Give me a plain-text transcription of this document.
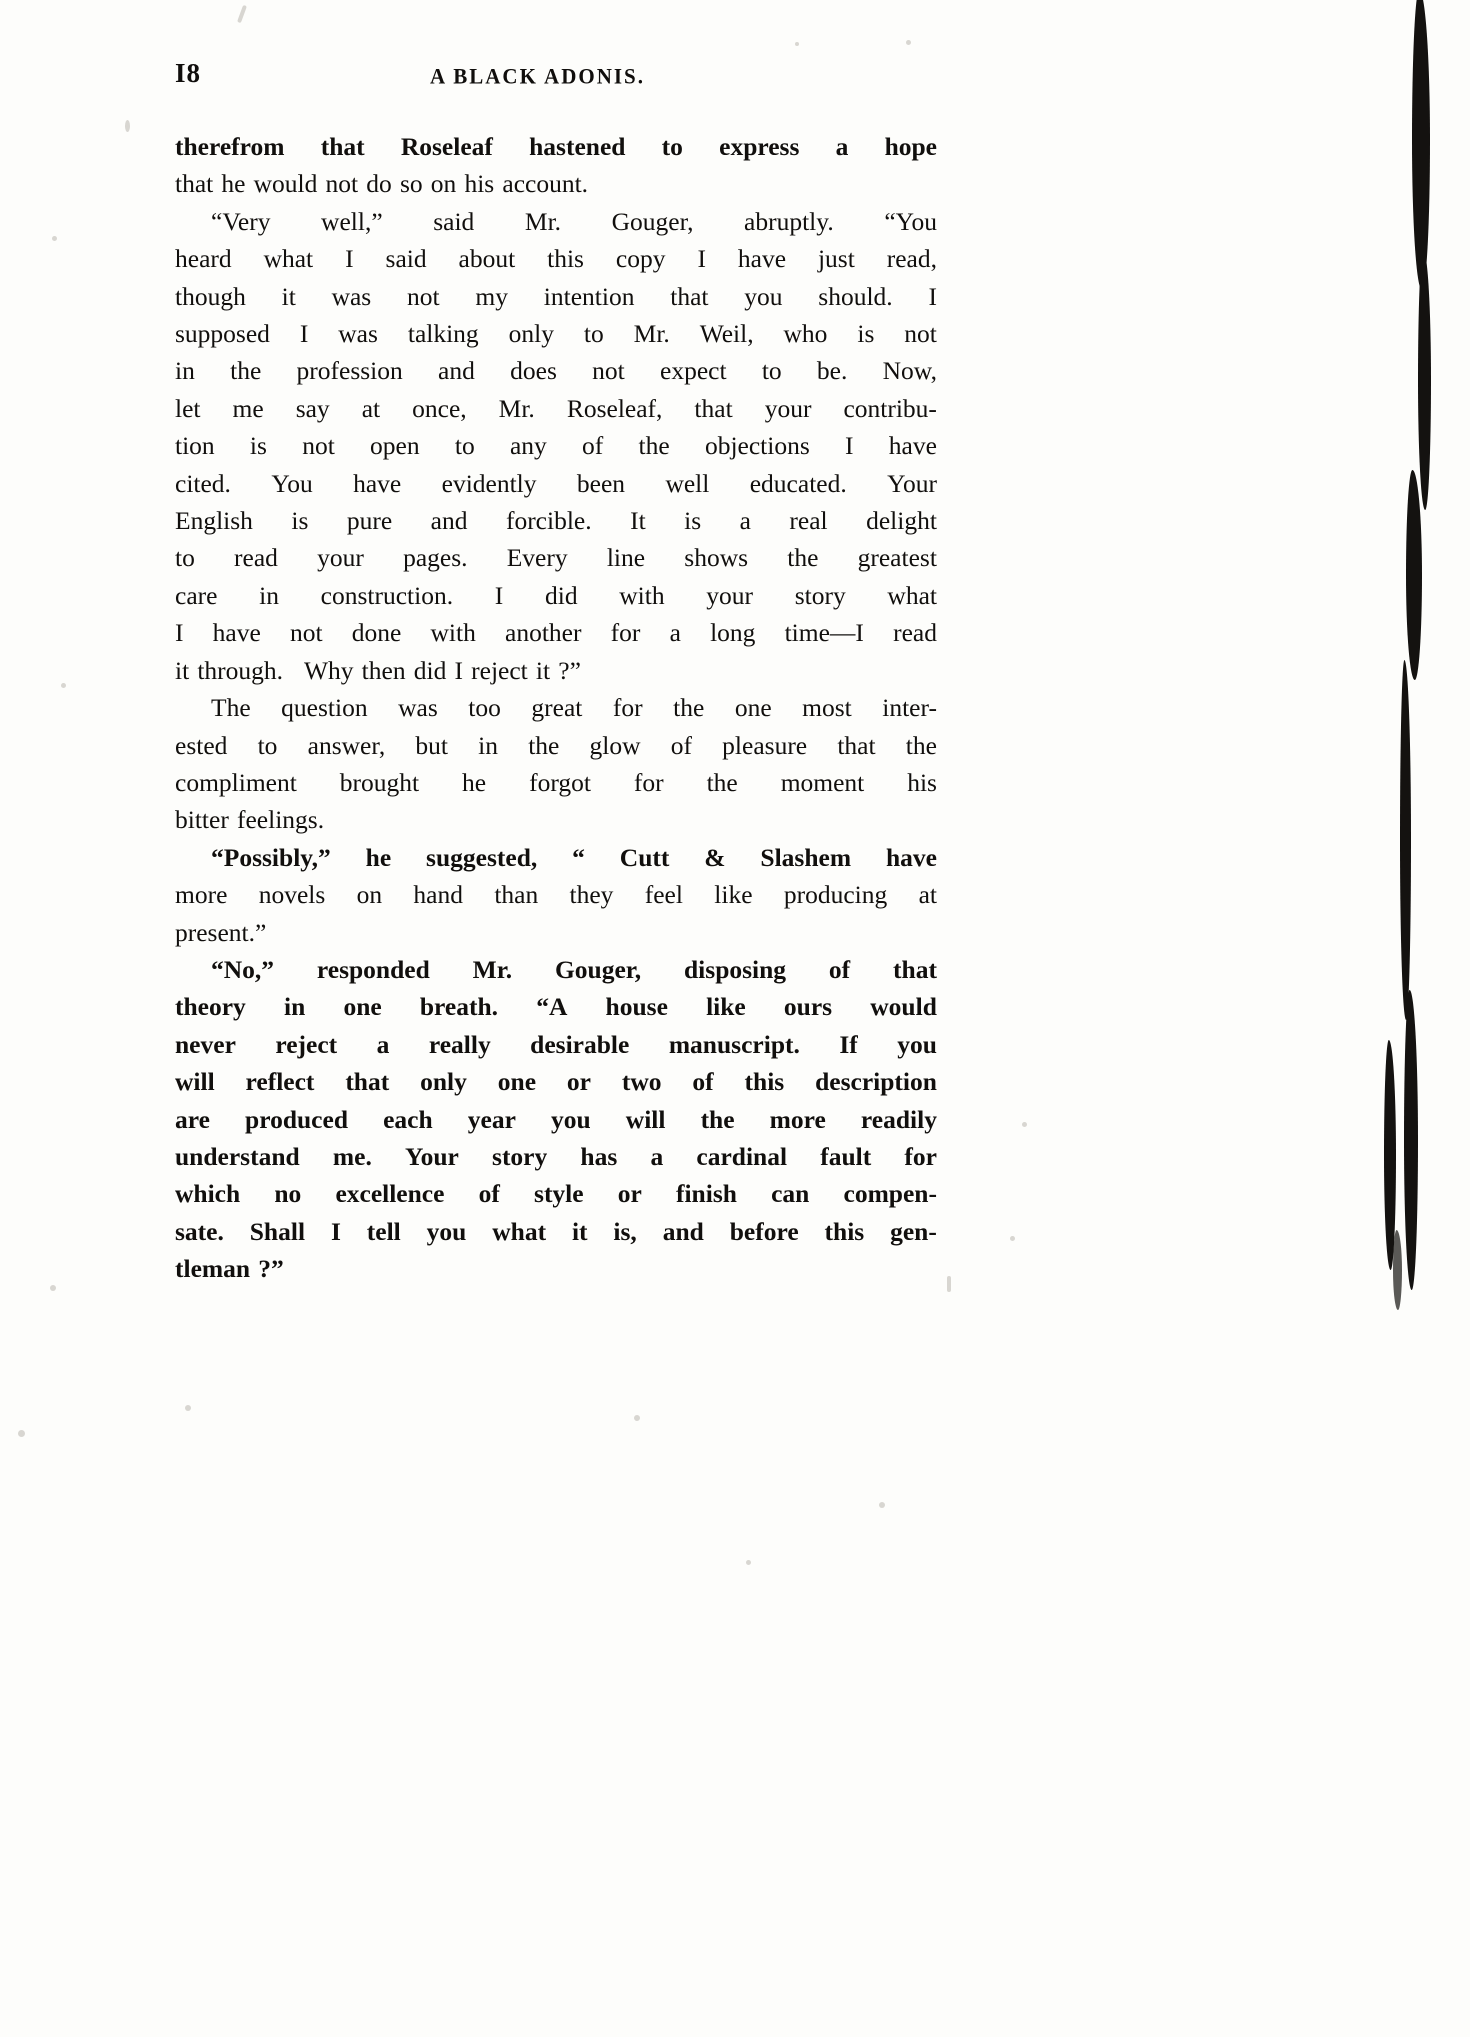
I8	A BLACK ADONIS.

therefrom that Roseleaf hastened to express a hope
that he would not do so on his account.

“Very well,” said Mr. Gouger, abruptly. “You
heard what I said about this copy I have just read,
though it was not my intention that you should. I
supposed I was talking only to Mr. Weil, who is not
in the profession and does not expect to be. Now,
let me say at once, Mr. Roseleaf, that your contribu-
tion is not open to any of the objections I have
cited. You have evidently been well educated. Your
English is pure and forcible. It is a real delight
to read your pages. Every line shows the greatest
care in construction. I did with your story what
I have not done with another for a long time—I read
it through. Why then did I reject it ?”

The question was too great for the one most inter-
ested to answer, but in the glow of pleasure that the
compliment brought he forgot for the moment his
bitter feelings.

“Possibly,” he suggested, “ Cutt & Slashem have
more novels on hand than they feel like producing at
present.”

“No,” responded Mr. Gouger, disposing of that
theory in one breath. “A house like ours would
never reject a really desirable manuscript. If you
will reflect that only one or two of this description
are produced each year you will the more readily
understand me. Your story has a cardinal fault for
which no excellence of style or finish can compen-
sate. Shall I tell you what it is, and before this gen-
tleman ?”
